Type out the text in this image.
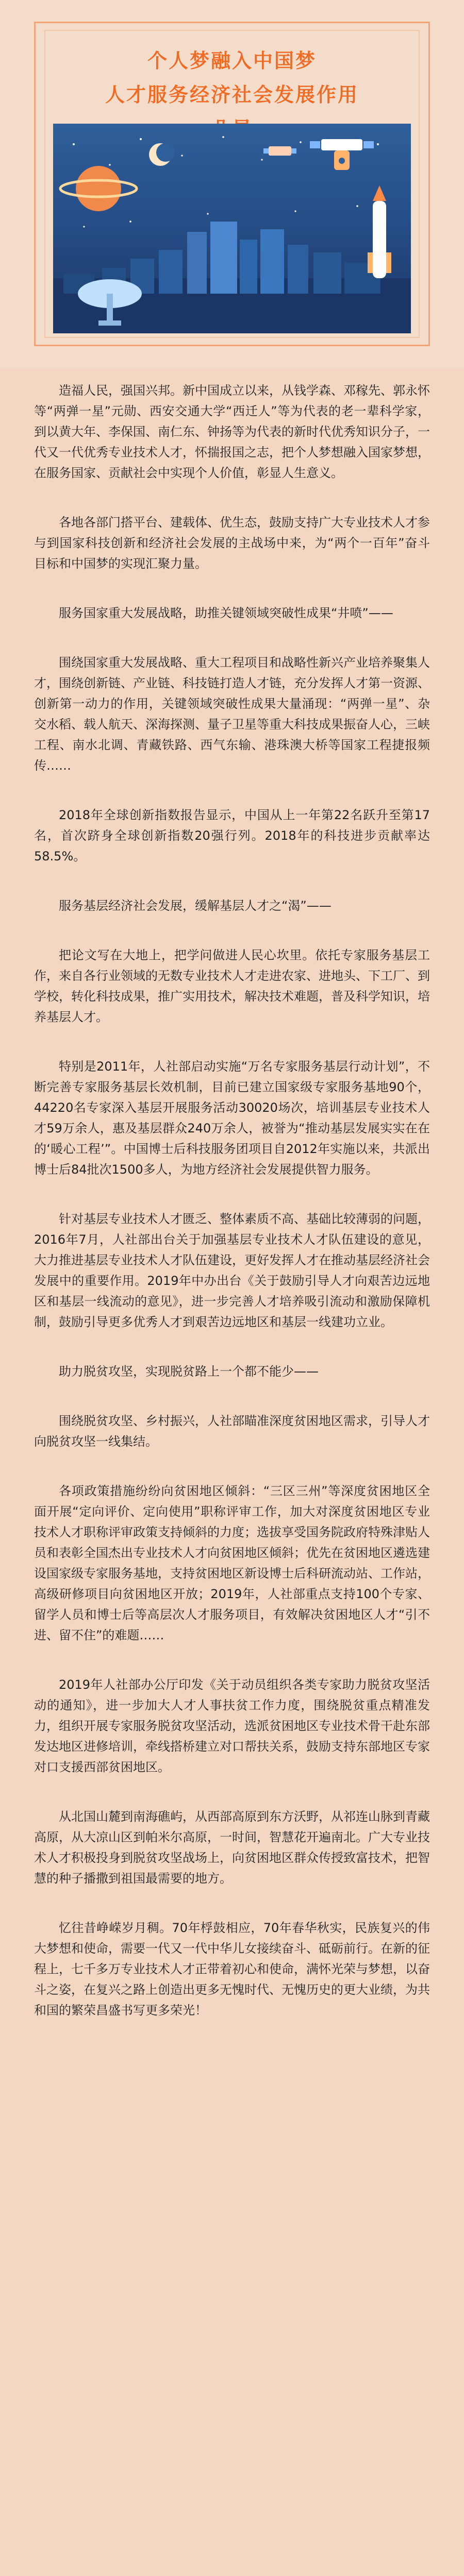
个人梦融入中国梦
人才服务经济社会发展作用

造福人民，强国兴邦。新中国成立以来，从钱学森、邓稼先、郭永怀等“两弹一星”元勋、西安交通大学“西迁人”等为代表的老一辈科学家，到以黄大年、李保国、南仁东、钟扬等为代表的新时代优秀知识分子，一代又一代优秀专业技术人才，怀揣报国之志，把个人梦想融入国家梦想，在服务国家、贡献社会中实现个人价值，彰显人生意义。

各地各部门搭平台、建载体、优生态，鼓励支持广大专业技术人才参与到国家科技创新和经济社会发展的主战场中来，为“两个一百年”奋斗目标和中国梦的实现汇聚力量。

服务国家重大发展战略，助推关键领域突破性成果“井喷”——

围绕国家重大发展战略、重大工程项目和战略性新兴产业培养聚集人才，围绕创新链、产业链、科技链打造人才链，充分发挥人才第一资源、创新第一动力的作用，关键领域突破性成果大量涌现：“两弹一星”、杂交水稻、载人航天、深海探测、量子卫星等重大科技成果振奋人心，三峡工程、南水北调、青藏铁路、西气东输、港珠澳大桥等国家工程捷报频传……

2018年全球创新指数报告显示，中国从上一年第22名跃升至第17名，首次跻身全球创新指数20强行列。2018年的科技进步贡献率达58.5%。

服务基层经济社会发展，缓解基层人才之“渴”——

把论文写在大地上，把学问做进人民心坎里。依托专家服务基层工作，来自各行业领域的无数专业技术人才走进农家、进地头、下工厂、到学校，转化科技成果，推广实用技术，解决技术难题，普及科学知识，培养基层人才。

特别是2011年，人社部启动实施“万名专家服务基层行动计划”，不断完善专家服务基层长效机制，目前已建立国家级专家服务基地90个，44220名专家深入基层开展服务活动30020场次，培训基层专业技术人才59万余人，惠及基层群众240万余人，被誉为“推动基层发展实实在在的‘暖心工程’”。中国博士后科技服务团项目自2012年实施以来，共派出博士后84批次1500多人，为地方经济社会发展提供智力服务。

针对基层专业技术人才匮乏、整体素质不高、基础比较薄弱的问题，2016年7月，人社部出台关于加强基层专业技术人才队伍建设的意见，大力推进基层专业技术人才队伍建设，更好发挥人才在推动基层经济社会发展中的重要作用。2019年中办出台《关于鼓励引导人才向艰苦边远地区和基层一线流动的意见》，进一步完善人才培养吸引流动和激励保障机制，鼓励引导更多优秀人才到艰苦边远地区和基层一线建功立业。

助力脱贫攻坚，实现脱贫路上一个都不能少——

围绕脱贫攻坚、乡村振兴，人社部瞄准深度贫困地区需求，引导人才向脱贫攻坚一线集结。

各项政策措施纷纷向贫困地区倾斜：“三区三州”等深度贫困地区全面开展“定向评价、定向使用”职称评审工作，加大对深度贫困地区专业技术人才职称评审政策支持倾斜的力度；选拔享受国务院政府特殊津贴人员和表彰全国杰出专业技术人才向贫困地区倾斜；优先在贫困地区遴选建设国家级专家服务基地，支持贫困地区新设博士后科研流动站、工作站，高级研修项目向贫困地区开放；2019年，人社部重点支持100个专家、留学人员和博士后等高层次人才服务项目，有效解决贫困地区人才“引不进、留不住”的难题……

2019年人社部办公厅印发《关于动员组织各类专家助力脱贫攻坚活动的通知》，进一步加大人才人事扶贫工作力度，围绕脱贫重点精准发力，组织开展专家服务脱贫攻坚活动，选派贫困地区专业技术骨干赴东部发达地区进修培训，牵线搭桥建立对口帮扶关系，鼓励支持东部地区专家对口支援西部贫困地区。

从北国山麓到南海礁屿，从西部高原到东方沃野，从祁连山脉到青藏高原，从大凉山区到帕米尔高原，一时间，智慧花开遍南北。广大专业技术人才积极投身到脱贫攻坚战场上，向贫困地区群众传授致富技术，把智慧的种子播撒到祖国最需要的地方。

忆往昔峥嵘岁月稠。70年桴鼓相应，70年春华秋实，民族复兴的伟大梦想和使命，需要一代又一代中华儿女接续奋斗、砥砺前行。在新的征程上，七千多万专业技术人才正带着初心和使命，满怀光荣与梦想，以奋斗之姿，在复兴之路上创造出更多无愧时代、无愧历史的更大业绩，为共和国的繁荣昌盛书写更多荣光！
